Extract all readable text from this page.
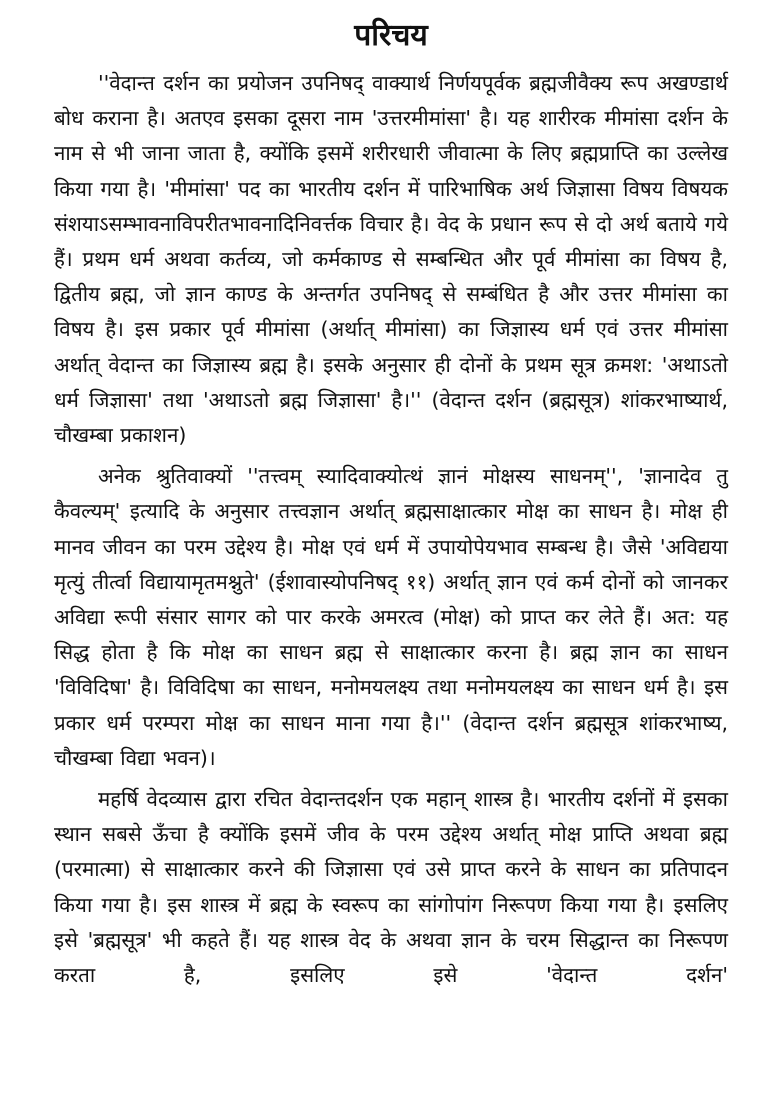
परिचय

''वेदान्त दर्शन का प्रयोजन उपनिषद् वाक्यार्थ निर्णयपूर्वक ब्रह्मजीवैक्य रूप अखण्डार्थ बोध कराना है। अतएव इसका दूसरा नाम 'उत्तरमीमांसा' है। यह शारीरक मीमांसा दर्शन के नाम से भी जाना जाता है, क्योंकि इसमें शरीरधारी जीवात्मा के लिए ब्रह्मप्राप्ति का उल्लेख किया गया है। 'मीमांसा' पद का भारतीय दर्शन में पारिभाषिक अर्थ जिज्ञासा विषय विषयक संशयाऽसम्भावनाविपरीतभावनादिनिवर्त्तक विचार है। वेद के प्रधान रूप से दो अर्थ बताये गये हैं। प्रथम धर्म अथवा कर्तव्य, जो कर्मकाण्ड से सम्बन्धित और पूर्व मीमांसा का विषय है, द्वितीय ब्रह्म, जो ज्ञान काण्ड के अन्तर्गत उपनिषद् से सम्बंधित है और उत्तर मीमांसा का विषय है। इस प्रकार पूर्व मीमांसा (अर्थात् मीमांसा) का जिज्ञास्य धर्म एवं उत्तर मीमांसा अर्थात् वेदान्त का जिज्ञास्य ब्रह्म है। इसके अनुसार ही दोनों के प्रथम सूत्र क्रमश: 'अथाऽतो धर्म जिज्ञासा' तथा 'अथाऽतो ब्रह्म जिज्ञासा' है।'' (वेदान्त दर्शन (ब्रह्मसूत्र) शांकरभाष्यार्थ, चौखम्बा प्रकाशन)

अनेक श्रुतिवाक्यों ''तत्त्वम् स्यादिवाक्योत्थं ज्ञानं मोक्षस्य साधनम्'', 'ज्ञानादेव तु कैवल्यम्' इत्यादि के अनुसार तत्त्वज्ञान अर्थात् ब्रह्मसाक्षात्कार मोक्ष का साधन है। मोक्ष ही मानव जीवन का परम उद्देश्य है। मोक्ष एवं धर्म में उपायोपेयभाव सम्बन्ध है। जैसे 'अविद्यया मृत्युं तीर्त्वा विद्यायामृतमश्नुते' (ईशावास्योपनिषद् ११) अर्थात् ज्ञान एवं कर्म दोनों को जानकर अविद्या रूपी संसार सागर को पार करके अमरत्व (मोक्ष) को प्राप्त कर लेते हैं। अत: यह सिद्ध होता है कि मोक्ष का साधन ब्रह्म से साक्षात्कार करना है। ब्रह्म ज्ञान का साधन 'विविदिषा' है। विविदिषा का साधन, मनोमयलक्ष्य तथा मनोमयलक्ष्य का साधन धर्म है। इस प्रकार धर्म परम्परा मोक्ष का साधन माना गया है।'' (वेदान्त दर्शन ब्रह्मसूत्र शांकरभाष्य, चौखम्बा विद्या भवन)।

महर्षि वेदव्यास द्वारा रचित वेदान्तदर्शन एक महान् शास्त्र है। भारतीय दर्शनों में इसका स्थान सबसे ऊँचा है क्योंकि इसमें जीव के परम उद्देश्य अर्थात् मोक्ष प्राप्ति अथवा ब्रह्म (परमात्मा) से साक्षात्कार करने की जिज्ञासा एवं उसे प्राप्त करने के साधन का प्रतिपादन किया गया है। इस शास्त्र में ब्रह्म के स्वरूप का सांगोपांग निरूपण किया गया है। इसलिए इसे 'ब्रह्मसूत्र' भी कहते हैं। यह शास्त्र वेद के अथवा ज्ञान के चरम सिद्धान्त का निरूपण करता है, इसलिए इसे 'वेदान्त दर्शन'
